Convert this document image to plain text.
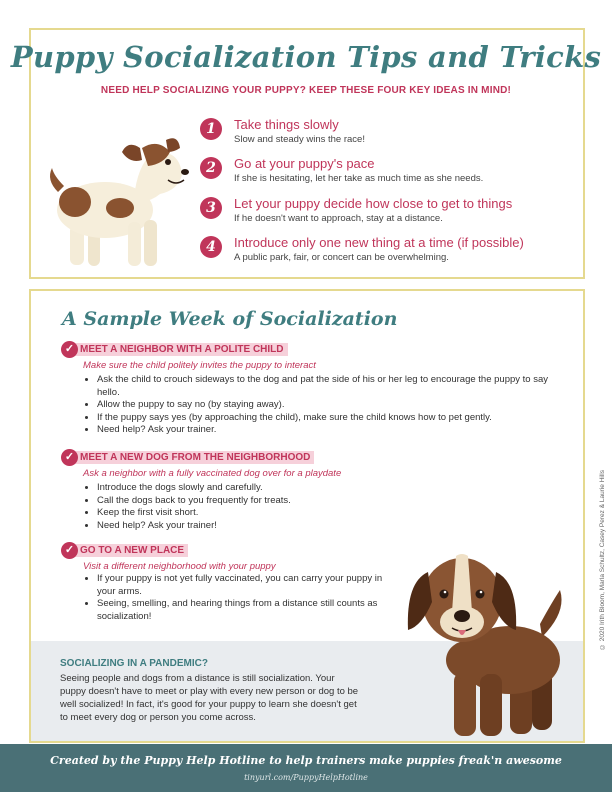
Puppy Socialization Tips and Tricks
NEED HELP SOCIALIZING YOUR PUPPY? KEEP THESE FOUR KEY IDEAS IN MIND!
1	Take things slowly
Slow and steady wins the race!
2	Go at your puppy's pace
If she is hesitating, let her take as much time as she needs.
3	Let your puppy decide how close to get to things
If he doesn't want to approach, stay at a distance.
4	Introduce only one new thing at a time (if possible)
A public park, fair, or concert can be overwhelming.
A Sample Week of Socialization
MEET A NEIGHBOR WITH A POLITE CHILD
✓
Make sure the child politely invites the puppy to interact
• Ask the child to crouch sideways to the dog and pat the side of his or her leg to encourage the puppy to say hello.
• Allow the puppy to say no (by staying away).
• If the puppy says yes (by approaching the child), make sure the child knows how to pet gently.
• Need help? Ask your trainer.
MEET A NEW DOG FROM THE NEIGHBORHOOD
✓
Ask a neighbor with a fully vaccinated dog over for a playdate
• Introduce the dogs slowly and carefully.
• Call the dogs back to you frequently for treats.
• Keep the first visit short.
• Need help? Ask your trainer!
GO TO A NEW PLACE
✓
Visit a different neighborhood with your puppy
• If your puppy is not yet fully vaccinated, you can carry your puppy in your arms.
• Seeing, smelling, and hearing things from a distance still counts as socialization!
SOCIALIZING IN A PANDEMIC?
Seeing people and dogs from a distance is still socialization. Your puppy doesn't have to meet or play with every new person or dog to be well socialized! In fact, it's good for your puppy to learn she doesn't get to meet every dog or person you come across.
© 2020 Irith Bloom, Marla Schultz, Casey Perez & Laurie Hills
Created by the Puppy Help Hotline to help trainers make puppies freak'n awesome
tinyurl.com/PuppyHelpHotline
